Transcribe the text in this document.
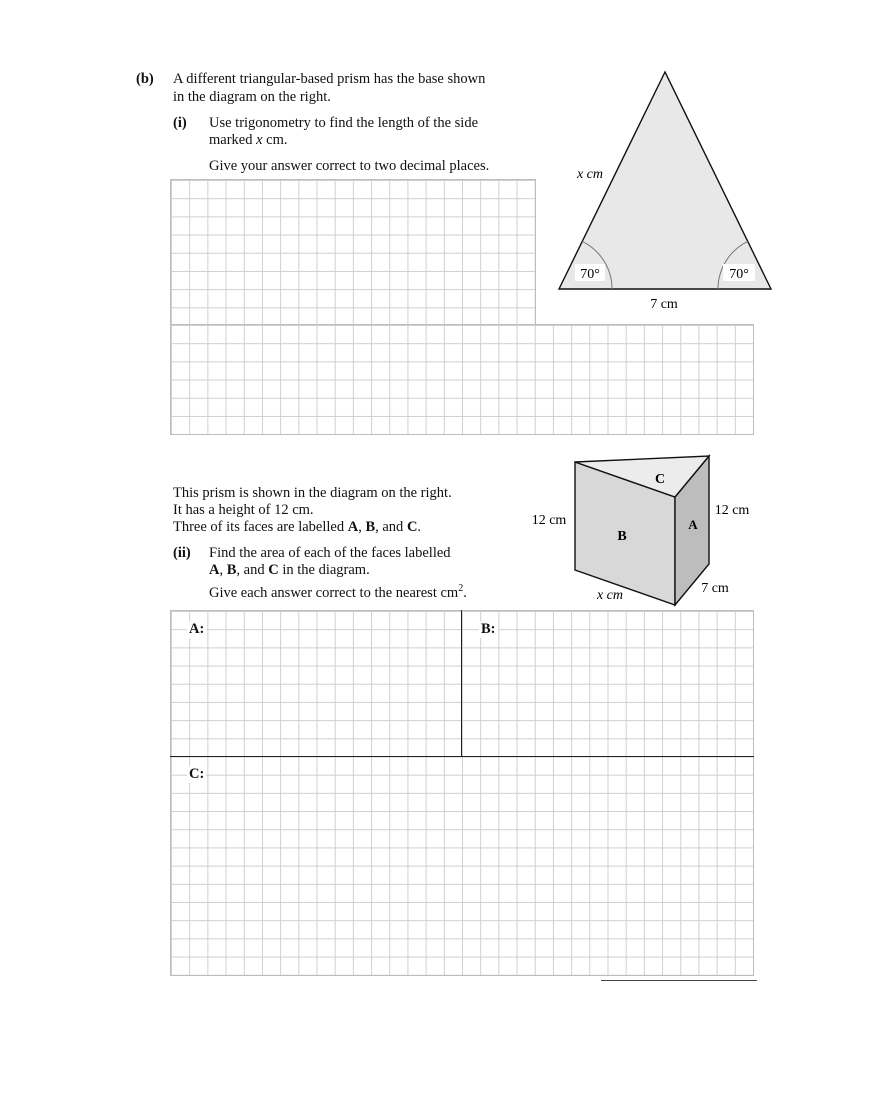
(b) A different triangular-based prism has the base shown
in the diagram on the right.
(i) Use trigonometry to find the length of the side
marked x cm.
Give your answer correct to two decimal places.
70°	70°
x cm
7 cm
This prism is shown in the diagram on the right.
It has a height of 12 cm.
Three of its faces are labelled A, B, and C.
(ii) Find the area of each of the faces labelled
A, B, and C in the diagram.
Give each answer correct to the nearest $cm^2$.
C
B
A
12 cm
12 cm
x cm	7 cm
A:	B:
C:
